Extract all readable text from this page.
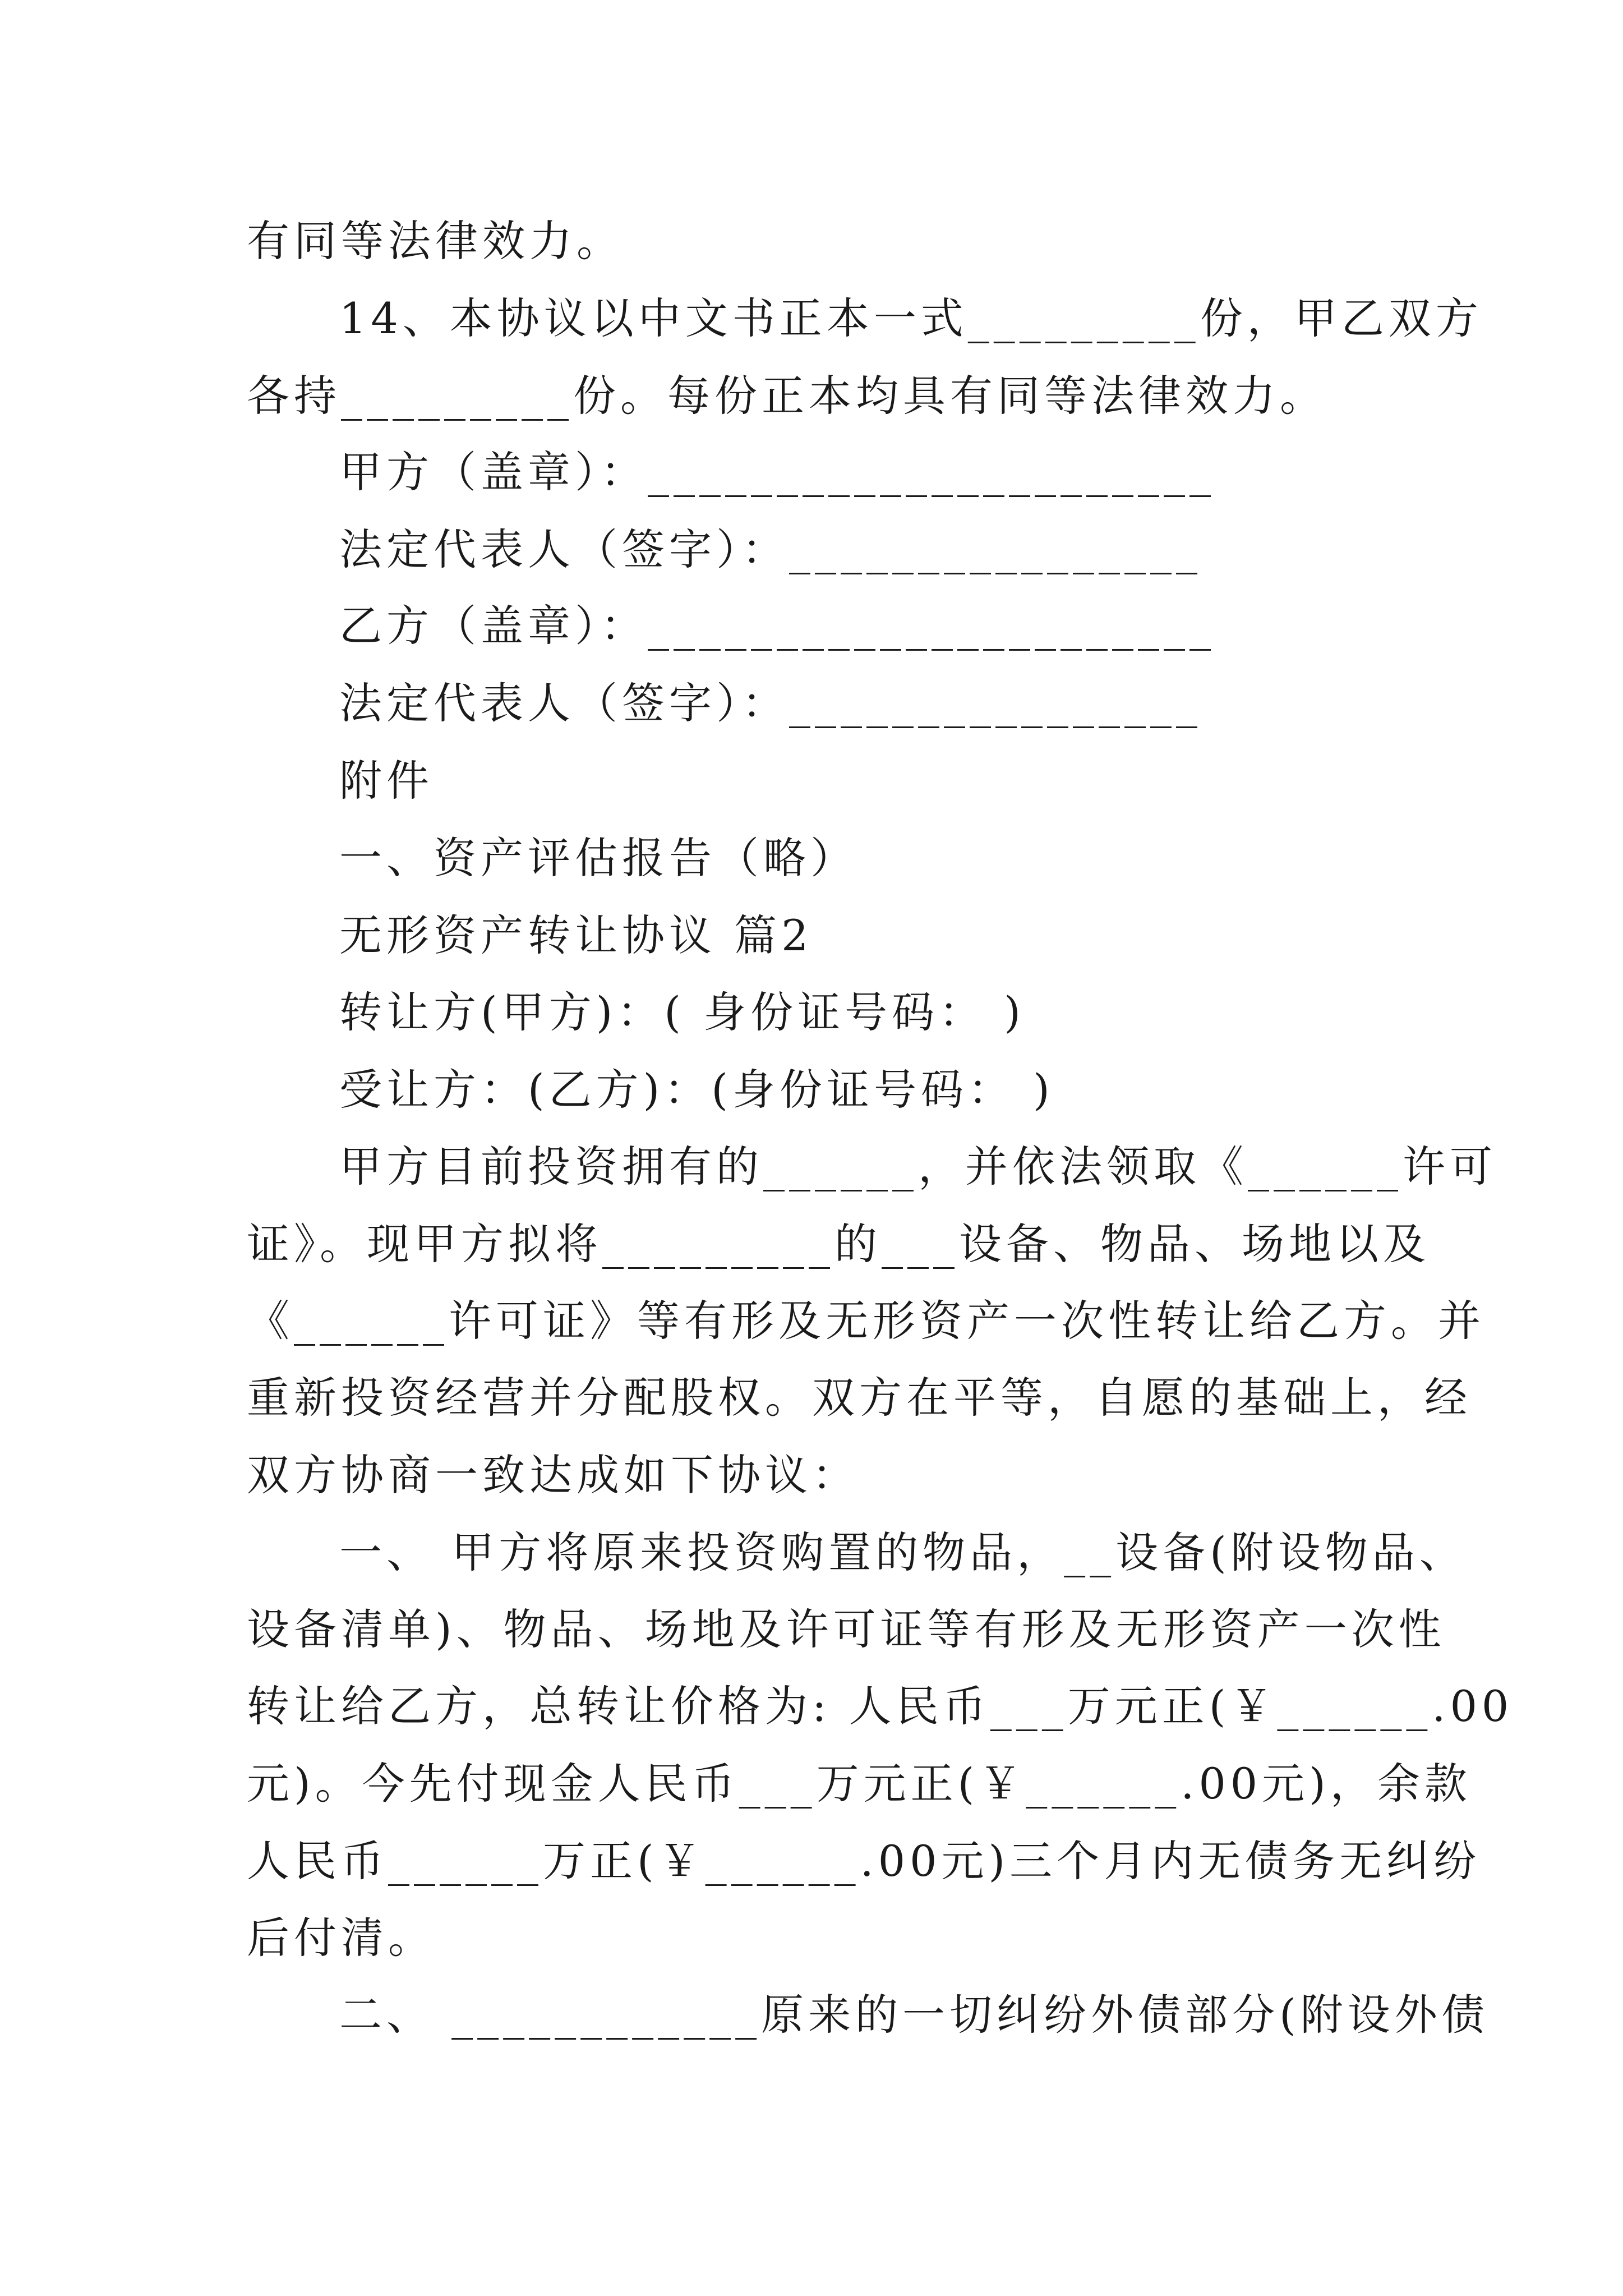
有同等法律效力。
14、本协议以中文书正本一式_________份，甲乙双方
各持_________份。每份正本均具有同等法律效力。
甲方（盖章）：______________________
法定代表人（签字）：________________
乙方（盖章）：______________________
法定代表人（签字）：________________
附件
一、资产评估报告（略）
无形资产转让协议 篇2
转让方(甲方)：( 身份证号码： )
受让方：(乙方)：(身份证号码： )
甲方目前投资拥有的______，并依法领取《______许可
证》。现甲方拟将_________的___设备、物品、场地以及
《______许可证》等有形及无形资产一次性转让给乙方。并
重新投资经营并分配股权。双方在平等，自愿的基础上，经
双方协商一致达成如下协议：
一、 甲方将原来投资购置的物品，__设备(附设物品、
设备清单)、物品、场地及许可证等有形及无形资产一次性
转让给乙方，总转让价格为: 人民币___万元正(￥______.00
元)。今先付现金人民币___万元正(￥______.00元)，余款
人民币______万正(￥______.00元)三个月内无债务无纠纷
后付清。
二、 ____________原来的一切纠纷外债部分(附设外债
